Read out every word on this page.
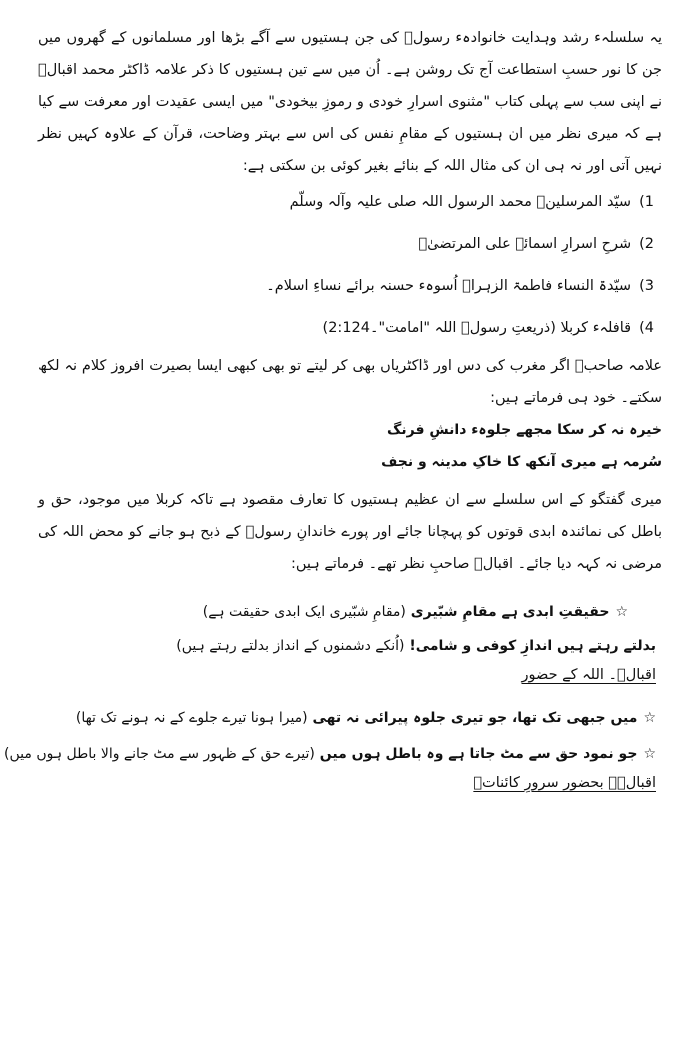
یہ سلسلہء رشد وہدایت خانوادہء رسولؐ کی جن ہستیوں سے آگے بڑھا اور مسلمانوں کے گھروں میں جن کا نور حسبِ استطاعت آج تک روشن ہے۔ اُن میں سے تین ہستیوں کا ذکر علامہ ڈاکٹر محمد اقبالؒ نے اپنی سب سے پہلی کتاب "مثنوی اسرارِ خودی و رموزِ بیخودی" میں ایسی عقیدت اور معرفت سے کیا ہے کہ میری نظر میں ان ہستیوں کے مقامِ نفس کی اس سے بہتر وضاحت، قرآن کے علاوہ کہیں نظر نہیں آتی اور نہ ہی ان کی مثال اللہ کے بنائے بغیر کوئی بن سکتی ہے:

1)سیّد المرسلینؐ محمد الرسول اللہ صلی علیہ وآلہ وسلّم
2)شرحِ اسرارِ اسمائے علی المرتضیٰؑ
3)سیّدۃ النساء فاطمۃ الزہراؑ اُسوہء حسنہ برائے نساءِ اسلام۔
4)قافلہء کربلا (ذریعتِ رسولؐ اللہ "امامت"۔2:124)

علامہ صاحبؒ اگر مغرب کی دس اور ڈاکٹریاں بھی کر لیتے تو بھی کبھی ایسا بصیرت افروز کلام نہ لکھ سکتے۔ خود ہی فرماتے ہیں:

خیرہ نہ کر سکا مجھے جلوہء دانشِ فرنگ
سُرمہ ہے میری آنکھ کا خاکِ مدینہ و نجف

میری گفتگو کے اس سلسلے سے ان عظیم ہستیوں کا تعارف مقصود ہے تاکہ کربلا میں موجود، حق و باطل کی نمائندہ ابدی قوتوں کو پہچانا جائے اور پورے خاندانِ رسولؐ کے ذبح ہو جانے کو محض اللہ کی مرضی نہ کہہ دیا جائے۔ اقبالؒ صاحبِ نظر تھے۔ فرماتے ہیں:

☆حقیقتِ ابدی ہے مقامِ شبّیری (مقامِ شبّیری ایک ابدی حقیقت ہے)
بدلتے رہتے ہیں اندازِ کوفی و شامی! (اُنکے دشمنوں کے انداز بدلتے رہتے ہیں)
اقبالؒ۔ اللہ کے حضور
☆میں جبھی تک تھا، جو تیری جلوہ پیرائی نہ تھی (میرا ہونا تیرے جلوے کے نہ ہونے تک تھا)
☆جو نمود حق سے مٹ جاتا ہے وہ باطل ہوں میں (تیرے حق کے ظہور سے مٹ جانے والا باطل ہوں میں)
اقبالؒ۔ بحضور سرورِ کائناتؐ
